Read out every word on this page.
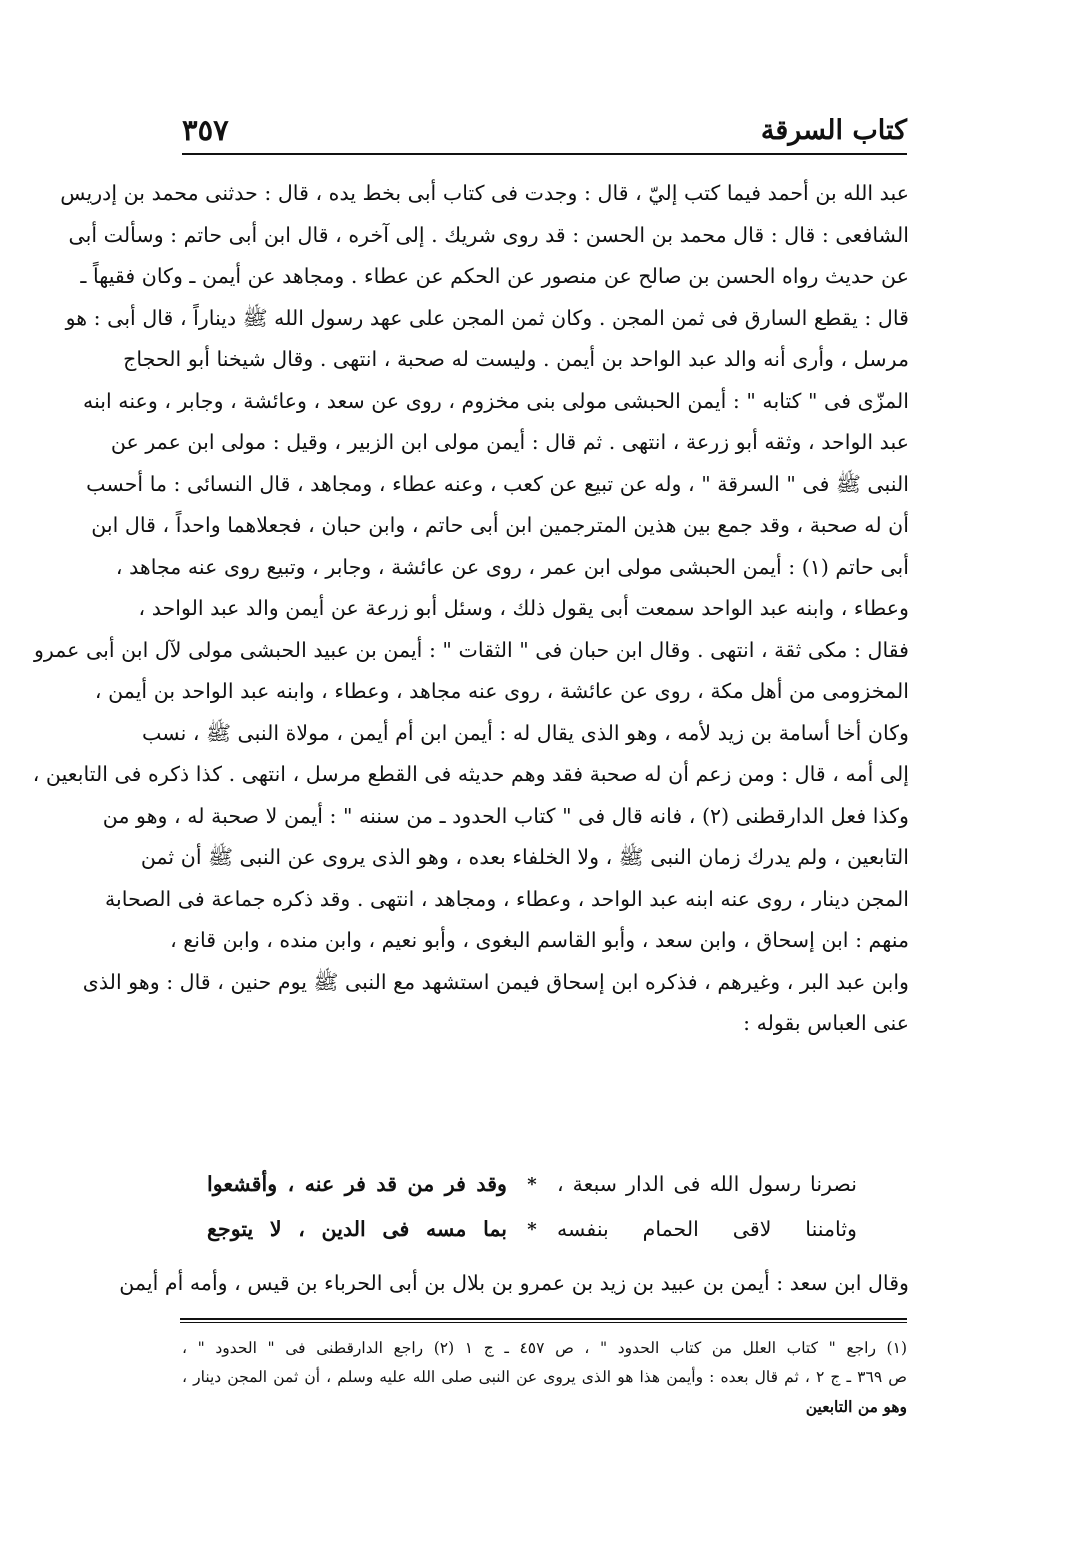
٣٥٧	كتاب السرقة
عبد الله بن أحمد فيما كتب إليّ ، قال : وجدت فى كتاب أبى بخط يده ، قال : حدثنى محمد بن إدريس
الشافعى : قال : قال محمد بن الحسن : قد روى شريك . إلى آخره ، قال ابن أبى حاتم : وسألت أبى
عن حديث رواه الحسن بن صالح عن منصور عن الحكم عن عطاء . ومجاهد عن أيمن ـ وكان فقيهاً ـ
قال : يقطع السارق فى ثمن المجن . وكان ثمن المجن على عهد رسول الله ﷺ ديناراً ، قال أبى : هو
مرسل ، وأرى أنه والد عبد الواحد بن أيمن . وليست له صحبة ، انتهى . وقال شيخنا أبو الحجاج
المزّى فى " كتابه " : أيمن الحبشى مولى بنى مخزوم ، روى عن سعد ، وعائشة ، وجابر ، وعنه ابنه
عبد الواحد ، وثقه أبو زرعة ، انتهى . ثم قال : أيمن مولى ابن الزبير ، وقيل : مولى ابن عمر عن
النبى ﷺ فى " السرقة " ، وله عن تبيع عن كعب ، وعنه عطاء ، ومجاهد ، قال النسائى : ما أحسب
أن له صحبة ، وقد جمع بين هذين المترجمين ابن أبى حاتم ، وابن حبان ، فجعلاهما واحداً ، قال ابن
أبى حاتم (١) : أيمن الحبشى مولى ابن عمر ، روى عن عائشة ، وجابر ، وتبيع روى عنه مجاهد ،
وعطاء ، وابنه عبد الواحد سمعت أبى يقول ذلك ، وسئل أبو زرعة عن أيمن والد عبد الواحد ،
فقال : مكى ثقة ، انتهى . وقال ابن حبان فى " الثقات " : أيمن بن عبيد الحبشى مولى لآل ابن أبى عمرو
المخزومى من أهل مكة ، روى عن عائشة ، روى عنه مجاهد ، وعطاء ، وابنه عبد الواحد بن أيمن ،
وكان أخا أسامة بن زيد لأمه ، وهو الذى يقال له : أيمن ابن أم أيمن ، مولاة النبى ﷺ ، نسب
إلى أمه ، قال : ومن زعم أن له صحبة فقد وهم حديثه فى القطع مرسل ، انتهى . كذا ذكره فى التابعين ،
وكذا فعل الدارقطنى (٢) ، فانه قال فى " كتاب الحدود ـ من سننه " : أيمن لا صحبة له ، وهو من
التابعين ، ولم يدرك زمان النبى ﷺ ، ولا الخلفاء بعده ، وهو الذى يروى عن النبى ﷺ أن ثمن
المجن دينار ، روى عنه ابنه عبد الواحد ، وعطاء ، ومجاهد ، انتهى . وقد ذكره جماعة فى الصحابة
منهم : ابن إسحاق ، وابن سعد ، وأبو القاسم البغوى ، وأبو نعيم ، وابن منده ، وابن قانع ،
وابن عبد البر ، وغيرهم ، فذكره ابن إسحاق فيمن استشهد مع النبى ﷺ يوم حنين ، قال : وهو الذى
عنى العباس بقوله :
نصرنا رسول الله فى الدار سبعة ،
*
وقد فر من قد فر عنه ، وأقشعوا
وثامننا لاقى الحمام بنفسه
*
بما مسه فى الدين ، لا يتوجع
وقال ابن سعد : أيمن بن عبيد بن زيد بن عمرو بن بلال بن أبى الحرباء بن قيس ، وأمه أم أيمن
(١) راجع " كتاب العلل من كتاب الحدود " ، ص ٤٥٧ ـ ج ١ (٢) راجع الدارقطنى فى " الحدود " ،
ص ٣٦٩ ـ ج ٢ ، ثم قال بعده : وأيمن هذا هو الذى يروى عن النبى صلى الله عليه وسلم ، أن ثمن المجن دينار ،
وهو من التابعين
